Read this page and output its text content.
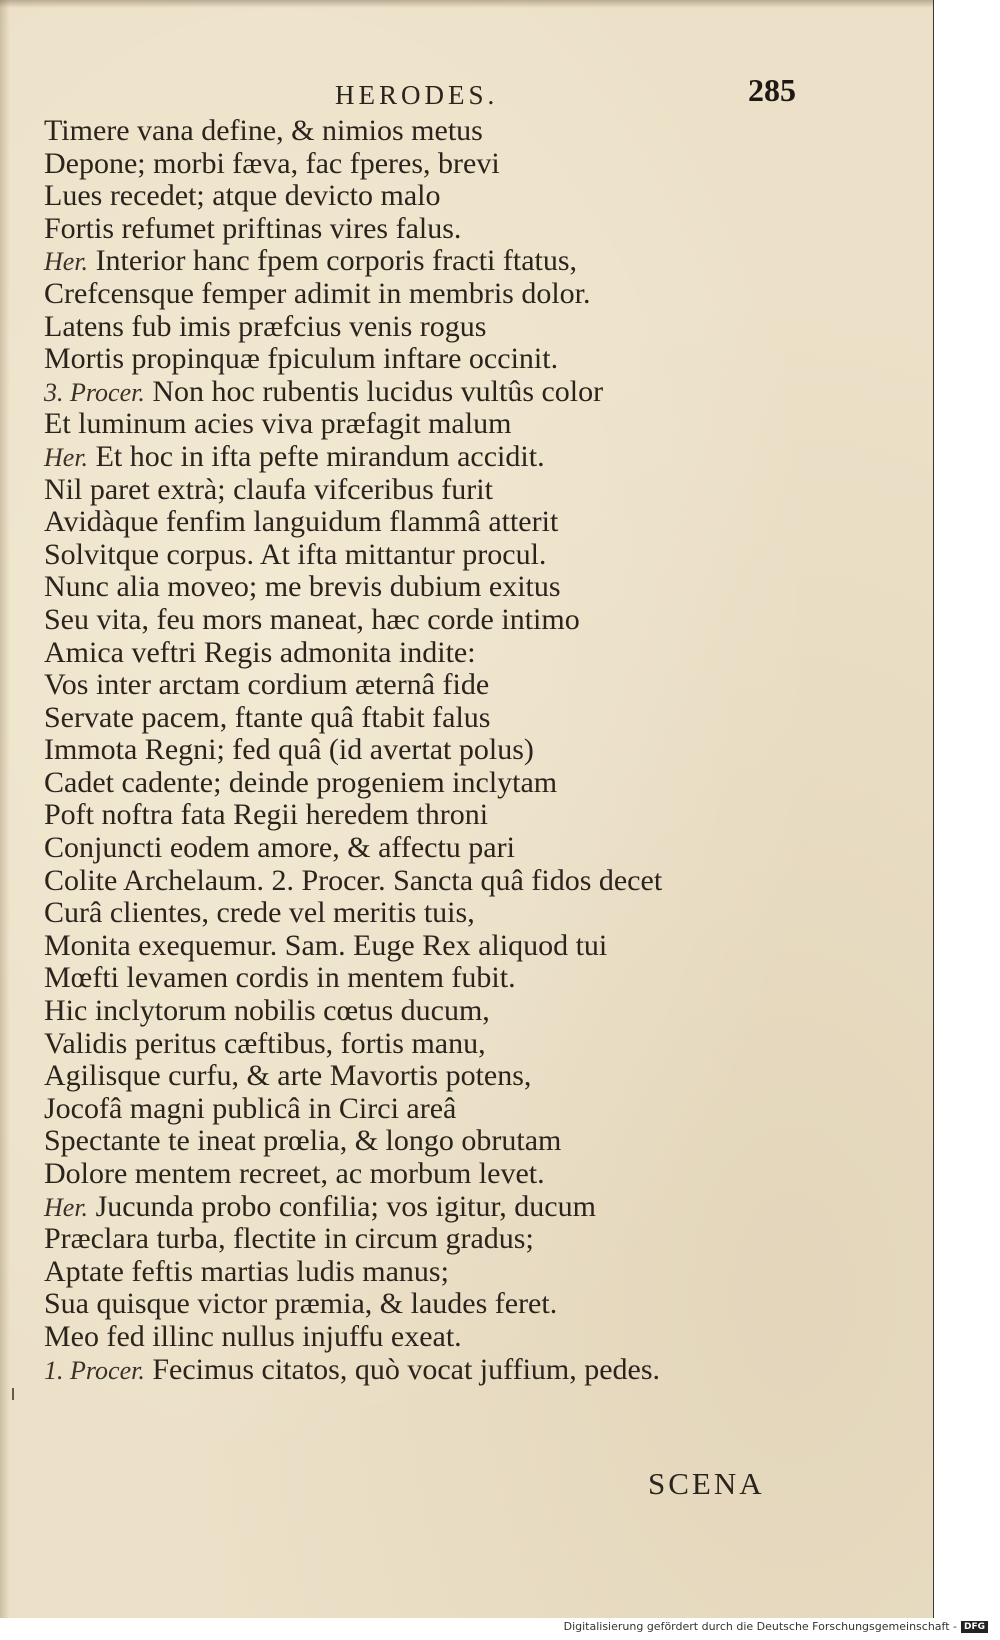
HERODES.	285
Timere vana define, & nimios metus
Depone; morbi fæva, fac fperes, brevi
Lues recedet; atque devicto malo
Fortis refumet priftinas vires falus.
Her. Interior hanc fpem corporis fracti ftatus,
Crefcensque femper adimit in membris dolor.
Latens fub imis præfcius venis rogus
Mortis propinquæ fpiculum inftare occinit.
3. Procer. Non hoc rubentis lucidus vultûs color
Et luminum acies viva præfagit malum
Her. Et hoc in ifta pefte mirandum accidit.
Nil paret extrà; claufa vifceribus furit
Avidàque fenfim languidum flammâ atterit
Solvitque corpus. At ifta mittantur procul.
Nunc alia moveo; me brevis dubium exitus
Seu vita, feu mors maneat, hæc corde intimo
Amica veftri Regis admonita indite:
Vos inter arctam cordium æternâ fide
Servate pacem, ftante quâ ftabit falus
Immota Regni; fed quâ (id avertat polus)
Cadet cadente; deinde progeniem inclytam
Poft noftra fata Regii heredem throni
Conjuncti eodem amore, & affectu pari
Colite Archelaum. 2. Procer. Sancta quâ fidos decet
Curâ clientes, crede vel meritis tuis,
Monita exequemur. Sam. Euge Rex aliquod tui
Mœfti levamen cordis in mentem fubit.
Hic inclytorum nobilis cœtus ducum,
Validis peritus cæftibus, fortis manu,
Agilisque curfu, & arte Mavortis potens,
Jocofâ magni publicâ in Circi areâ
Spectante te ineat prœlia, & longo obrutam
Dolore mentem recreet, ac morbum levet.
Her. Jucunda probo confilia; vos igitur, ducum
Præclara turba, flectite in circum gradus;
Aptate feftis martias ludis manus;
Sua quisque victor præmia, & laudes feret.
Meo fed illinc nullus injuffu exeat.
1. Procer. Fecimus citatos, quò vocat juffium, pedes.
SCENA
Digitalisierung gefördert durch die Deutsche Forschungsgemeinschaft - DFG
